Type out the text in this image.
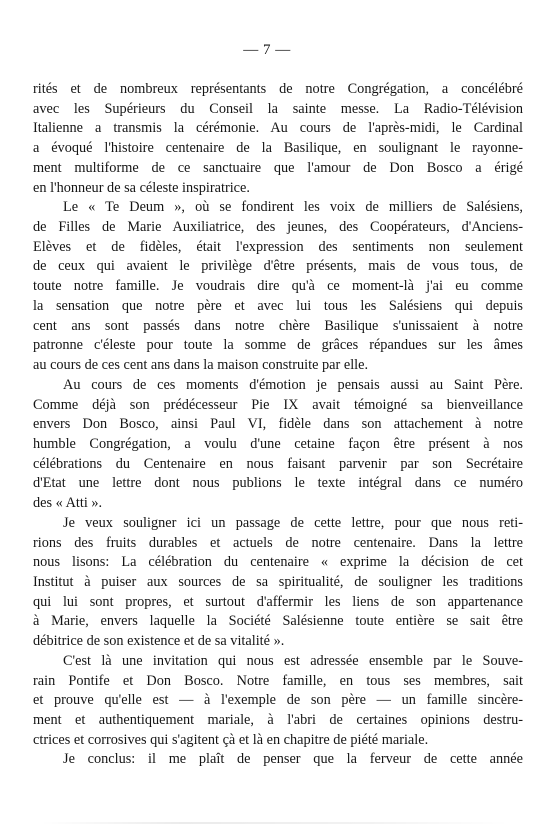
— 7 —
rités et de nombreux représentants de notre Congrégation, a concélébré
avec les Supérieurs du Conseil la sainte messe. La Radio-Télévision
Italienne a transmis la cérémonie. Au cours de l'après-midi, le Cardinal
a évoqué l'histoire centenaire de la Basilique, en soulignant le rayonne-
ment multiforme de ce sanctuaire que l'amour de Don Bosco a érigé
en l'honneur de sa céleste inspiratrice.
Le « Te Deum », où se fondirent les voix de milliers de Salésiens,
de Filles de Marie Auxiliatrice, des jeunes, des Coopérateurs, d'Anciens-
Elèves et de fidèles, était l'expression des sentiments non seulement
de ceux qui avaient le privilège d'être présents, mais de vous tous, de
toute notre famille. Je voudrais dire qu'à ce moment-là j'ai eu comme
la sensation que notre père et avec lui tous les Salésiens qui depuis
cent ans sont passés dans notre chère Basilique s'unissaient à notre
patronne c'éleste pour toute la somme de grâces répandues sur les âmes
au cours de ces cent ans dans la maison construite par elle.
Au cours de ces moments d'émotion je pensais aussi au Saint Père.
Comme déjà son prédécesseur Pie IX avait témoigné sa bienveillance
envers Don Bosco, ainsi Paul VI, fidèle dans son attachement à notre
humble Congrégation, a voulu d'une cetaine façon être présent à nos
célébrations du Centenaire en nous faisant parvenir par son Secrétaire
d'Etat une lettre dont nous publions le texte intégral dans ce numéro
des « Atti ».
Je veux souligner ici un passage de cette lettre, pour que nous reti-
rions des fruits durables et actuels de notre centenaire. Dans la lettre
nous lisons: La célébration du centenaire « exprime la décision de cet
Institut à puiser aux sources de sa spiritualité, de souligner les traditions
qui lui sont propres, et surtout d'affermir les liens de son appartenance
à Marie, envers laquelle la Société Salésienne toute entière se sait être
débitrice de son existence et de sa vitalité ».
C'est là une invitation qui nous est adressée ensemble par le Souve-
rain Pontife et Don Bosco. Notre famille, en tous ses membres, sait
et prouve qu'elle est — à l'exemple de son père — un famille sincère-
ment et authentiquement mariale, à l'abri de certaines opinions destru-
ctrices et corrosives qui s'agitent çà et là en chapitre de piété mariale.
Je conclus: il me plaît de penser que la ferveur de cette année
